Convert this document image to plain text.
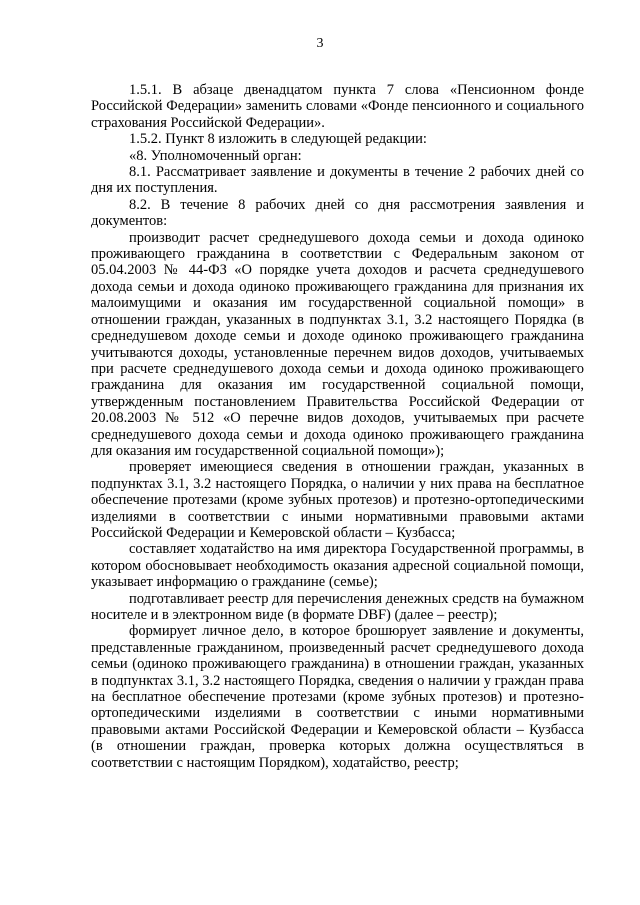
3

1.5.1. В абзаце двенадцатом пункта 7 слова «Пенсионном фонде Российской Федерации» заменить словами «Фонде пенсионного и социального страхования Российской Федерации».

1.5.2. Пункт 8 изложить в следующей редакции:

«8. Уполномоченный орган:

8.1. Рассматривает заявление и документы в течение 2 рабочих дней со дня их поступления.

8.2. В течение 8 рабочих дней со дня рассмотрения заявления и документов:

производит расчет среднедушевого дохода семьи и дохода одиноко проживающего гражданина в соответствии с Федеральным законом от 05.04.2003 № 44-ФЗ «О порядке учета доходов и расчета среднедушевого дохода семьи и дохода одиноко проживающего гражданина для признания их малоимущими и оказания им государственной социальной помощи» в отношении граждан, указанных в подпунктах 3.1, 3.2 настоящего Порядка (в среднедушевом доходе семьи и доходе одиноко проживающего гражданина учитываются доходы, установленные перечнем видов доходов, учитываемых при расчете среднедушевого дохода семьи и дохода одиноко проживающего гражданина для оказания им государственной социальной помощи, утвержденным постановлением Правительства Российской Федерации от 20.08.2003 № 512 «О перечне видов доходов, учитываемых при расчете среднедушевого дохода семьи и дохода одиноко проживающего гражданина для оказания им государственной социальной помощи»);

проверяет имеющиеся сведения в отношении граждан, указанных в подпунктах 3.1, 3.2 настоящего Порядка, о наличии у них права на бесплатное обеспечение протезами (кроме зубных протезов) и протезно-ортопедическими изделиями в соответствии с иными нормативными правовыми актами Российской Федерации и Кемеровской области – Кузбасса;

составляет ходатайство на имя директора Государственной программы, в котором обосновывает необходимость оказания адресной социальной помощи, указывает информацию о гражданине (семье);

подготавливает реестр для перечисления денежных средств на бумажном носителе и в электронном виде (в формате DBF) (далее – реестр);

формирует личное дело, в которое брошюрует заявление и документы, представленные гражданином, произведенный расчет среднедушевого дохода семьи (одиноко проживающего гражданина) в отношении граждан, указанных в подпунктах 3.1, 3.2 настоящего Порядка, сведения о наличии у граждан права на бесплатное обеспечение протезами (кроме зубных протезов) и протезно-ортопедическими изделиями в соответствии с иными нормативными правовыми актами Российской Федерации и Кемеровской области – Кузбасса (в отношении граждан, проверка которых должна осуществляться в соответствии с настоящим Порядком), ходатайство, реестр;
